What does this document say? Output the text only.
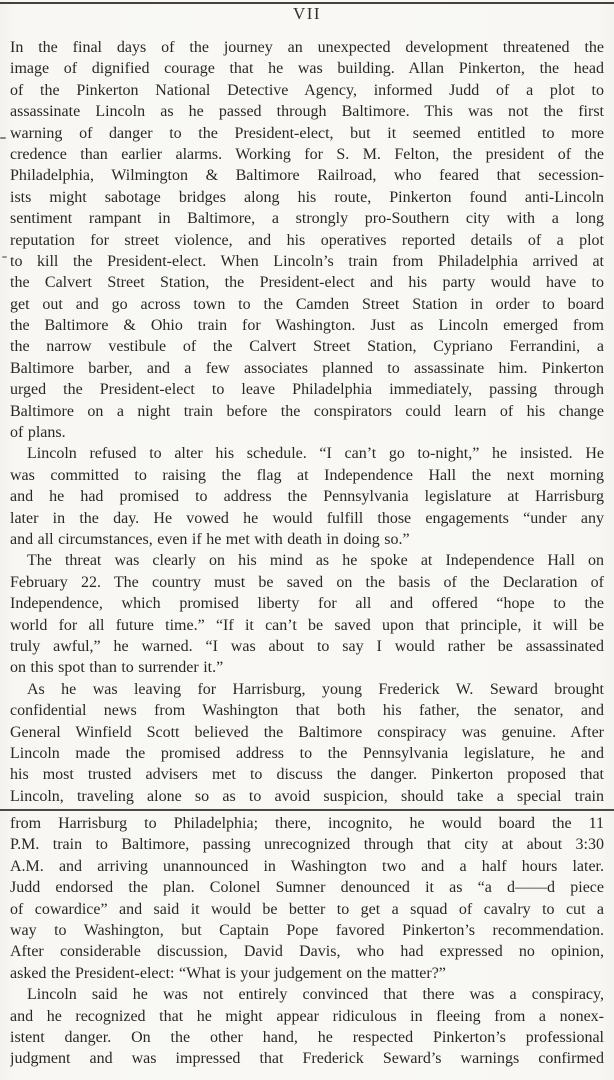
VII
In the final days of the journey an unexpected development threatened the
image of dignified courage that he was building. Allan Pinkerton, the head
of the Pinkerton National Detective Agency, informed Judd of a plot to
assassinate Lincoln as he passed through Baltimore. This was not the first
warning of danger to the President-elect, but it seemed entitled to more
credence than earlier alarms. Working for S. M. Felton, the president of the
Philadelphia, Wilmington & Baltimore Railroad, who feared that secession-
ists might sabotage bridges along his route, Pinkerton found anti-Lincoln
sentiment rampant in Baltimore, a strongly pro-Southern city with a long
reputation for street violence, and his operatives reported details of a plot
to kill the President-elect. When Lincoln’s train from Philadelphia arrived at
the Calvert Street Station, the President-elect and his party would have to
get out and go across town to the Camden Street Station in order to board
the Baltimore & Ohio train for Washington. Just as Lincoln emerged from
the narrow vestibule of the Calvert Street Station, Cypriano Ferrandini, a
Baltimore barber, and a few associates planned to assassinate him. Pinkerton
urged the President-elect to leave Philadelphia immediately, passing through
Baltimore on a night train before the conspirators could learn of his change
of plans.
Lincoln refused to alter his schedule. “I can’t go to-night,” he insisted. He
was committed to raising the flag at Independence Hall the next morning
and he had promised to address the Pennsylvania legislature at Harrisburg
later in the day. He vowed he would fulfill those engagements “under any
and all circumstances, even if he met with death in doing so.”
The threat was clearly on his mind as he spoke at Independence Hall on
February 22. The country must be saved on the basis of the Declaration of
Independence, which promised liberty for all and offered “hope to the
world for all future time.” “If it can’t be saved upon that principle, it will be
truly awful,” he warned. “I was about to say I would rather be assassinated
on this spot than to surrender it.”
As he was leaving for Harrisburg, young Frederick W. Seward brought
confidential news from Washington that both his father, the senator, and
General Winfield Scott believed the Baltimore conspiracy was genuine. After
Lincoln made the promised address to the Pennsylvania legislature, he and
his most trusted advisers met to discuss the danger. Pinkerton proposed that
Lincoln, traveling alone so as to avoid suspicion, should take a special train
from Harrisburg to Philadelphia; there, incognito, he would board the 11
P.M. train to Baltimore, passing unrecognized through that city at about 3:30
A.M. and arriving unannounced in Washington two and a half hours later.
Judd endorsed the plan. Colonel Sumner denounced it as “a d——d piece
of cowardice” and said it would be better to get a squad of cavalry to cut a
way to Washington, but Captain Pope favored Pinkerton’s recommendation.
After considerable discussion, David Davis, who had expressed no opinion,
asked the President-elect: “What is your judgement on the matter?”
Lincoln said he was not entirely convinced that there was a conspiracy,
and he recognized that he might appear ridiculous in fleeing from a nonex-
istent danger. On the other hand, he respected Pinkerton’s professional
judgment and was impressed that Frederick Seward’s warnings confirmed
